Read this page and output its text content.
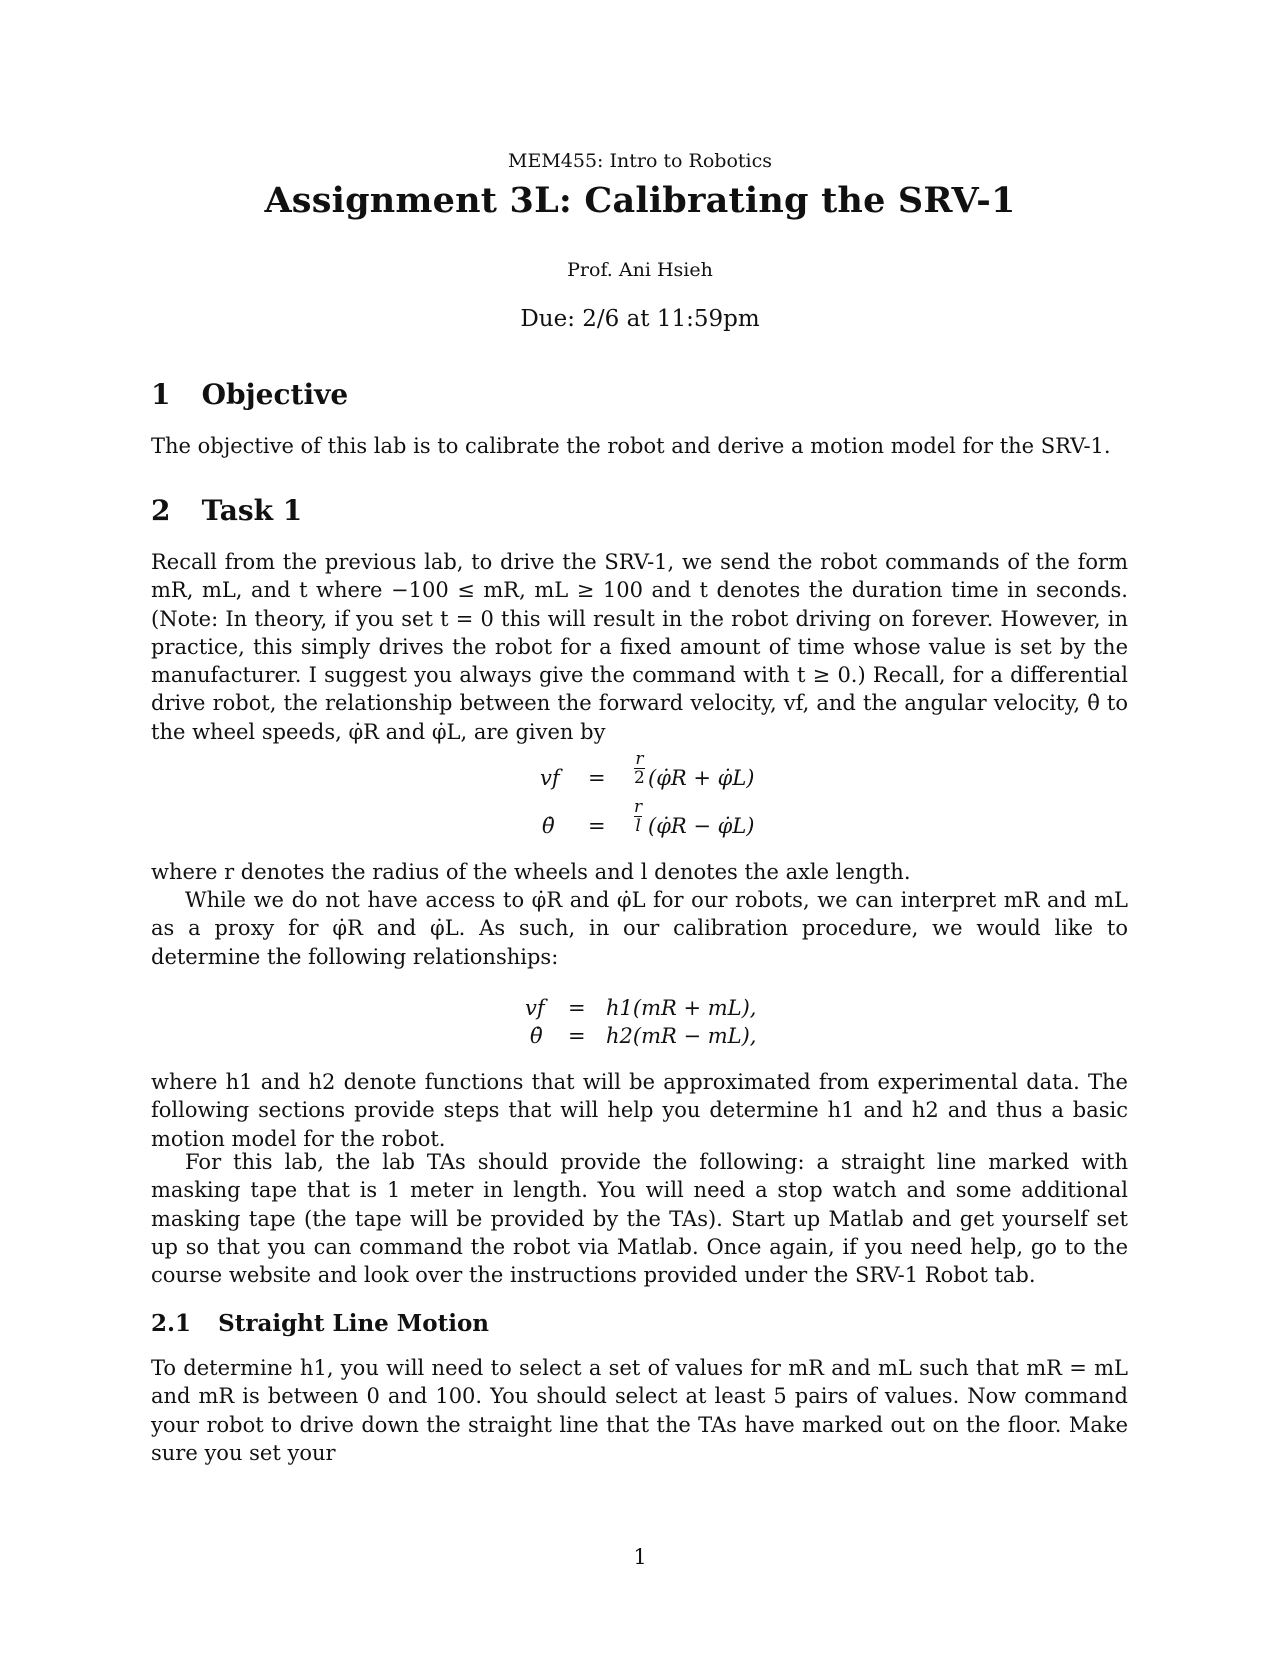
MEM455: Intro to Robotics
Assignment 3L: Calibrating the SRV-1
Prof. Ani Hsieh
Due: 2/6 at 11:59pm
1 Objective
The objective of this lab is to calibrate the robot and derive a motion model for the SRV-1.
2 Task 1
Recall from the previous lab, to drive the SRV-1, we send the robot commands of the form mR, mL, and t where −100 ≤ mR, mL ≥ 100 and t denotes the duration time in seconds. (Note: In theory, if you set t = 0 this will result in the robot driving on forever. However, in practice, this simply drives the robot for a fixed amount of time whose value is set by the manufacturer. I suggest you always give the command with t ≥ 0.) Recall, for a differential drive robot, the relationship between the forward velocity, vf, and the angular velocity, θ̇ to the wheel speeds, φ̇R and φ̇L, are given by
vf = $\frac{r}{2}$ (φ̇R + φ̇L)
θ̇ = $\frac{r}{l}$ (φ̇R − φ̇L)
where r denotes the radius of the wheels and l denotes the axle length.
While we do not have access to φ̇R and φ̇L for our robots, we can interpret mR and mL as a proxy for φ̇R and φ̇L. As such, in our calibration procedure, we would like to determine the following relationships:
vf = h1(mR + mL),
θ̇ = h2(mR − mL),
where h1 and h2 denote functions that will be approximated from experimental data. The following sections provide steps that will help you determine h1 and h2 and thus a basic motion model for the robot.
For this lab, the lab TAs should provide the following: a straight line marked with masking tape that is 1 meter in length. You will need a stop watch and some additional masking tape (the tape will be provided by the TAs). Start up Matlab and get yourself set up so that you can command the robot via Matlab. Once again, if you need help, go to the course website and look over the instructions provided under the SRV-1 Robot tab.
2.1 Straight Line Motion
To determine h1, you will need to select a set of values for mR and mL such that mR = mL and mR is between 0 and 100. You should select at least 5 pairs of values. Now command your robot to drive down the straight line that the TAs have marked out on the floor. Make sure you set your
1
